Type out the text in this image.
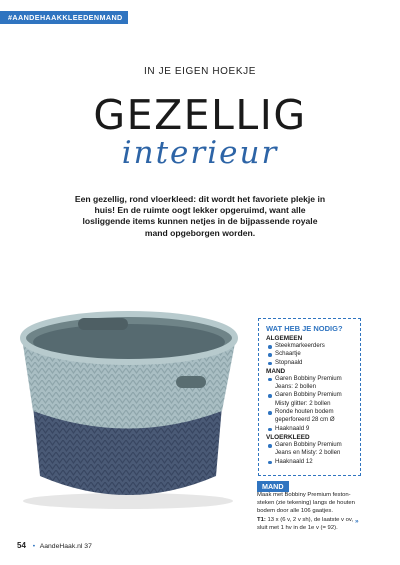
#AANDEHAAKKLEEDENMAND
IN JE EIGEN HOEKJE
GEZELLIG
interieur
Een gezellig, rond vloerkleed: dit wordt het favoriete plekje in huis! En de ruimte oogt lekker opgeruimd, want alle losliggende items kunnen netjes in de bijpassende royale mand opgeborgen worden.
WAT HEB JE NODIG?
ALGEMEEN
Steekmarkeerders
Schaartje
Stopnaald
MAND
Garen Bobbiny Premium Jeans: 2 bollen
Garen Bobbiny Premium Misty glitter: 2 bollen
Ronde houten bodem geperforeerd 28 cm Ø
Haaknaald 9
VLOERKLEED
Garen Bobbiny Premium Jeans en Misty: 2 bollen
Haaknaald 12
MAND
Maak met Bobbiny Premium feston-steken (zie tekening) langs de houten bodem door alle 106 gaatjes.
T1: 13 x (6 v, 2 v sh), de laatste v ov, sluit met 1 hv in de 1e v (= 92).
»
54 • AandeHaak.nl 37
